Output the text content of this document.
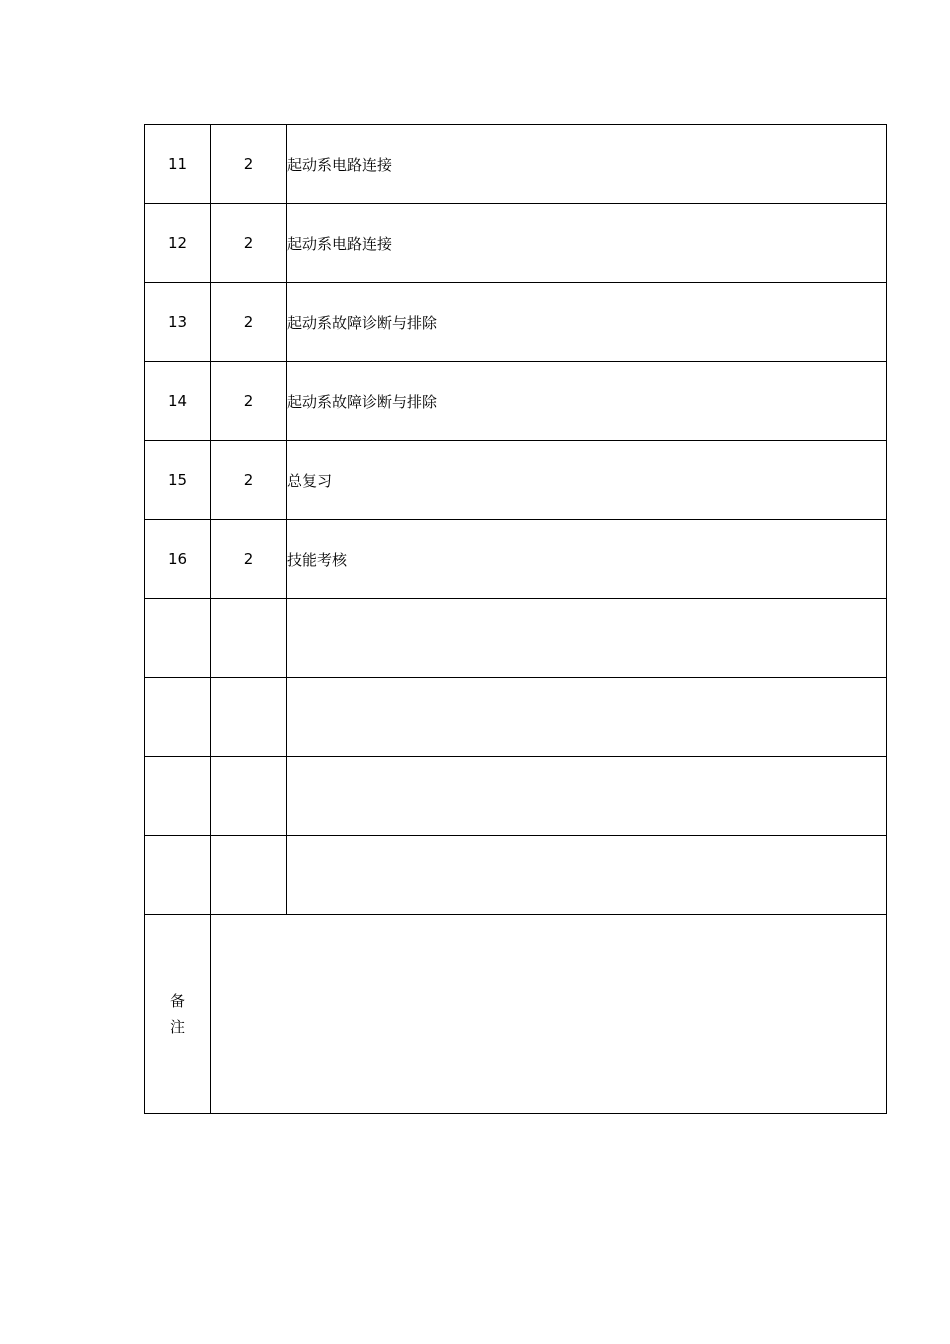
11	2	起动系电路连接
12	2	起动系电路连接
13	2	起动系故障诊断与排除
14	2	起动系故障诊断与排除
15	2	总复习
16	2	技能考核

备
注		
